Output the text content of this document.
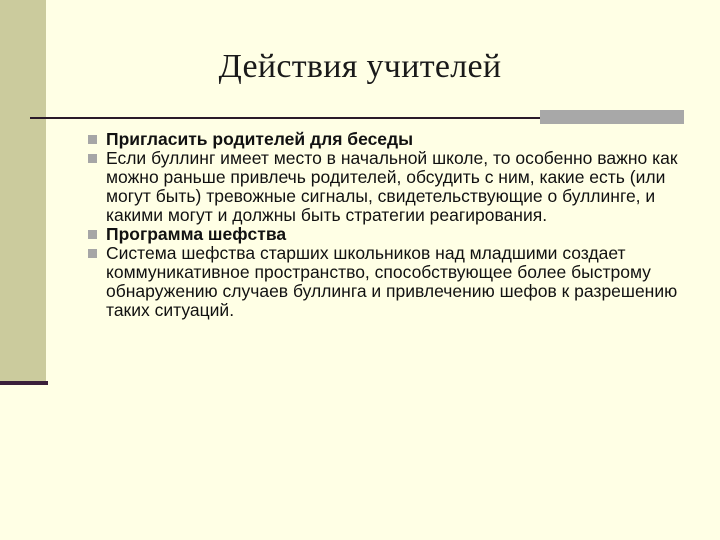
Действия учителей
Пригласить родителей для беседы
Если буллинг имеет место в начальной школе, то особенно важно как можно раньше привлечь родителей, обсудить с ним, какие есть (или могут быть) тревожные сигналы, свидетельствующие о буллинге, и какими могут и должны быть стратегии реагирования.
Программа шефства
Система шефства старших школьников над младшими создает коммуникативное пространство, способствующее более быстрому обнаружению случаев буллинга и привлечению шефов к разрешению таких ситуаций.
